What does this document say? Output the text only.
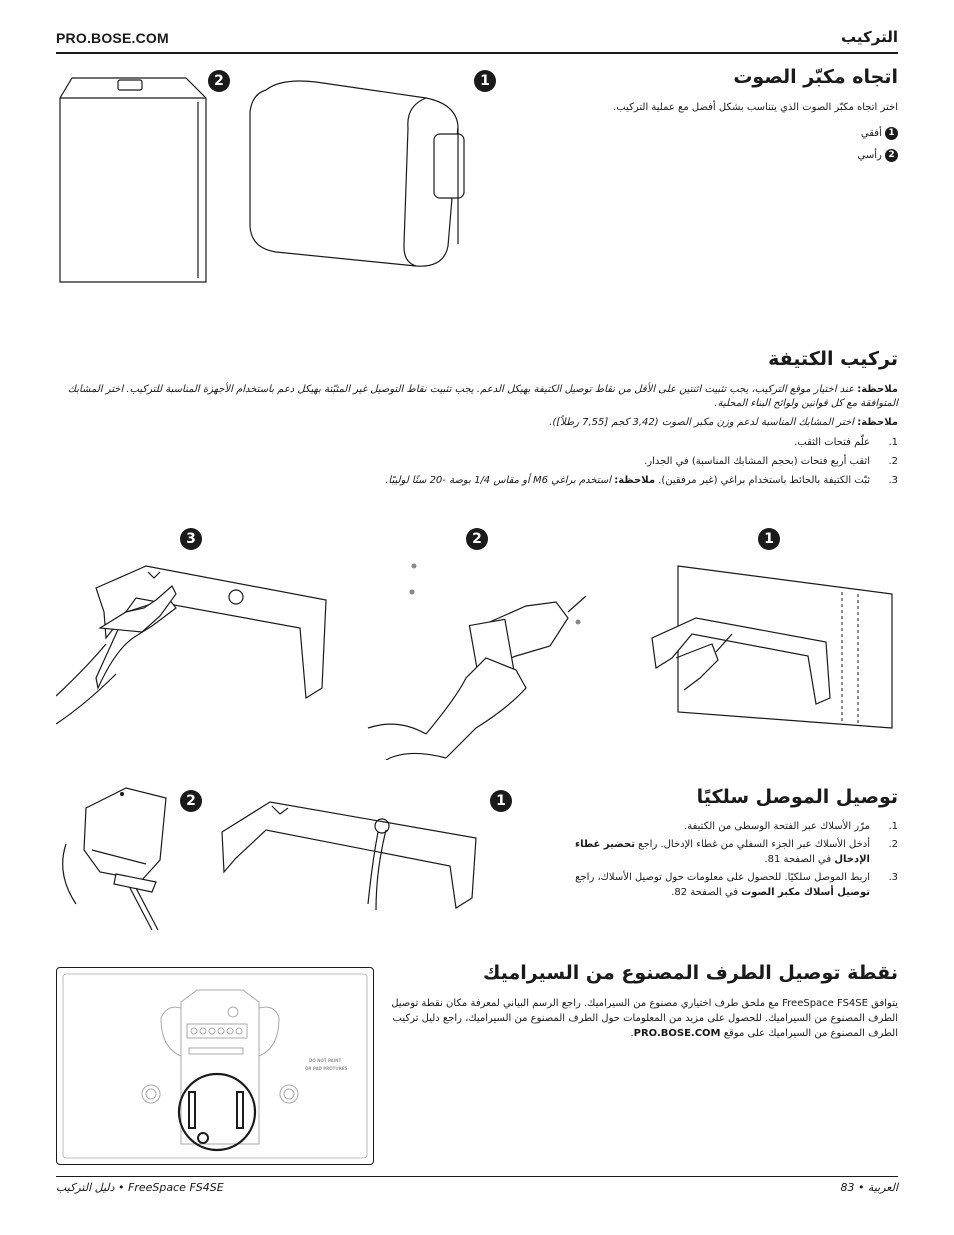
PRO.BOSE.COM	التركيب
اتجاه مكبّر الصوت
اختر اتجاه مكبّر الصوت الذي يتناسب بشكل أفضل مع عملية التركيب.
1 أفقي
2 رأسي
2	1
تركيب الكتيفة
ملاحظة: عند اختيار موقع التركيب، يجب تثبيت اثنتين على الأقل من نقاط توصيل الكتيفة بهيكل الدعم. يجب تثبيت نقاط التوصيل غير المثبّتة بهيكل دعم باستخدام الأجهزة المناسبة للتركيب. اختر المشابك المتوافقة مع كل قوانين ولوائح البناء المحلية.
ملاحظة: اختر المشابك المناسبة لدعم وزن مكبر الصوت (3,42 كجم [7,55 رطلاً]).
1.
علّم فتحات الثقب.
2.
اثقب أربع فتحات (بحجم المشابك المناسبة) في الجدار.
3.
ثبّت الكتيفة بالحائط باستخدام براغي (غير مرفقين). ملاحظة: استخدم براغي M6 أو مقاس 1/4 بوصة -20 سنًا لوليبًا.
3	2	1
توصيل الموصل سلكيًا
1.
مرّر الأسلاك عبر الفتحة الوسطى من الكتيفة.
2.
أدخل الأسلاك عبر الجزء السفلي من غطاء الإدخال. راجع تحضير غطاء الإدخال في الصفحة 81.
3.
اربط الموصل سلكيًا. للحصول على معلومات حول توصيل الأسلاك، راجع توصيل أسلاك مكبر الصوت في الصفحة 82.
2	1
نقطة توصيل الطرف المصنوع من السيراميك
يتوافق FreeSpace FS4SE مع ملحق طرف اختياري مصنوع من السيراميك. راجع الرسم البياني لمعرفة مكان نقطة توصيل الطرف المصنوع من السيراميك. للحصول على مزيد من المعلومات حول الطرف المصنوع من السيراميك، راجع دليل تركيب الطرف المصنوع من السيراميك على موقع PRO.BOSE.COM.
DO NOT PAINT
OR PAD PROTURES
دليل التركيب • FreeSpace FS4SE	العربية • 83
